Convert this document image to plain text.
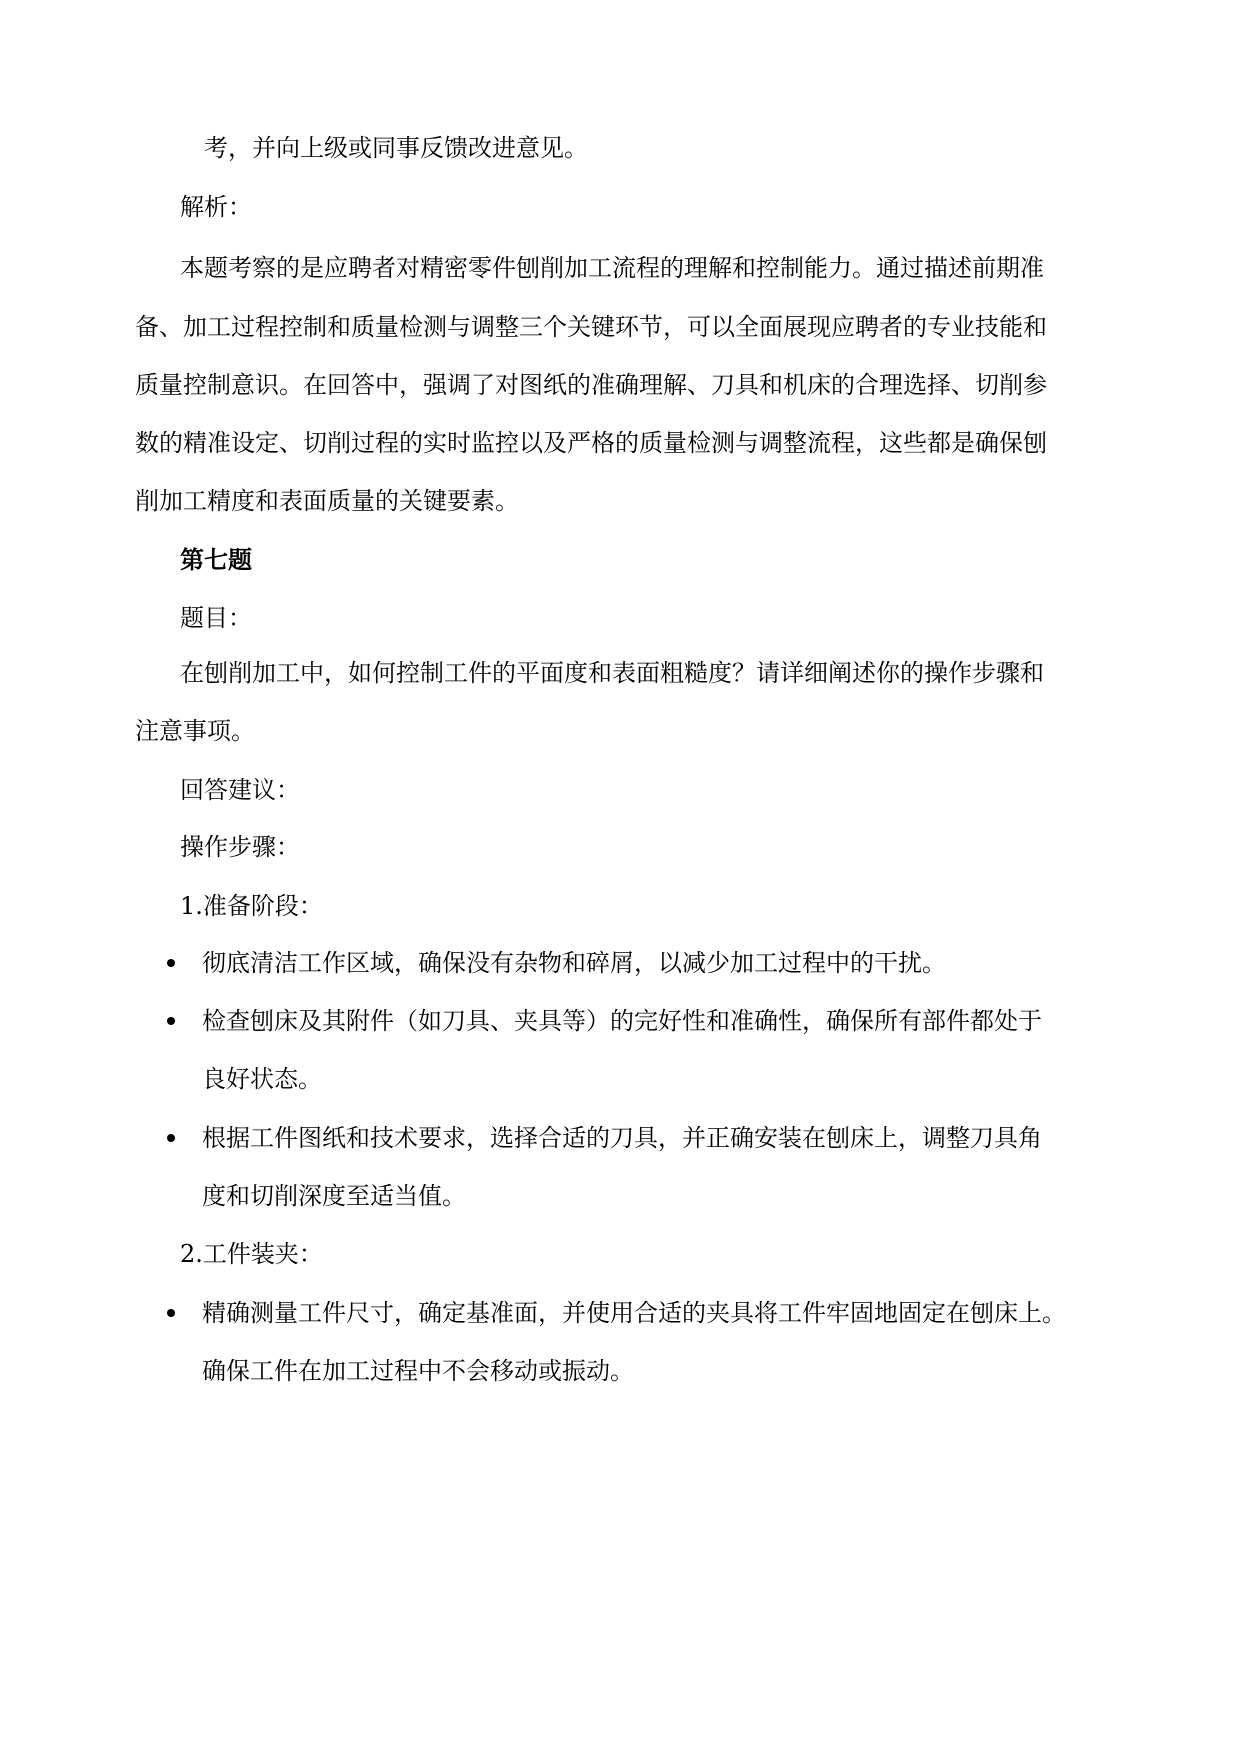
考，并向上级或同事反馈改进意见。
解析：
本题考察的是应聘者对精密零件刨削加工流程的理解和控制能力。通过描述前期准
备、加工过程控制和质量检测与调整三个关键环节，可以全面展现应聘者的专业技能和
质量控制意识。在回答中，强调了对图纸的准确理解、刀具和机床的合理选择、切削参
数的精准设定、切削过程的实时监控以及严格的质量检测与调整流程，这些都是确保刨
削加工精度和表面质量的关键要素。
第七题
题目：
在刨削加工中，如何控制工件的平面度和表面粗糙度？请详细阐述你的操作步骤和
注意事项。
回答建议：
操作步骤：
1.准备阶段：
彻底清洁工作区域，确保没有杂物和碎屑，以减少加工过程中的干扰。
检查刨床及其附件（如刀具、夹具等）的完好性和准确性，确保所有部件都处于
良好状态。
根据工件图纸和技术要求，选择合适的刀具，并正确安装在刨床上，调整刀具角
度和切削深度至适当值。
2.工件装夹：
精确测量工件尺寸，确定基准面，并使用合适的夹具将工件牢固地固定在刨床上。
确保工件在加工过程中不会移动或振动。
